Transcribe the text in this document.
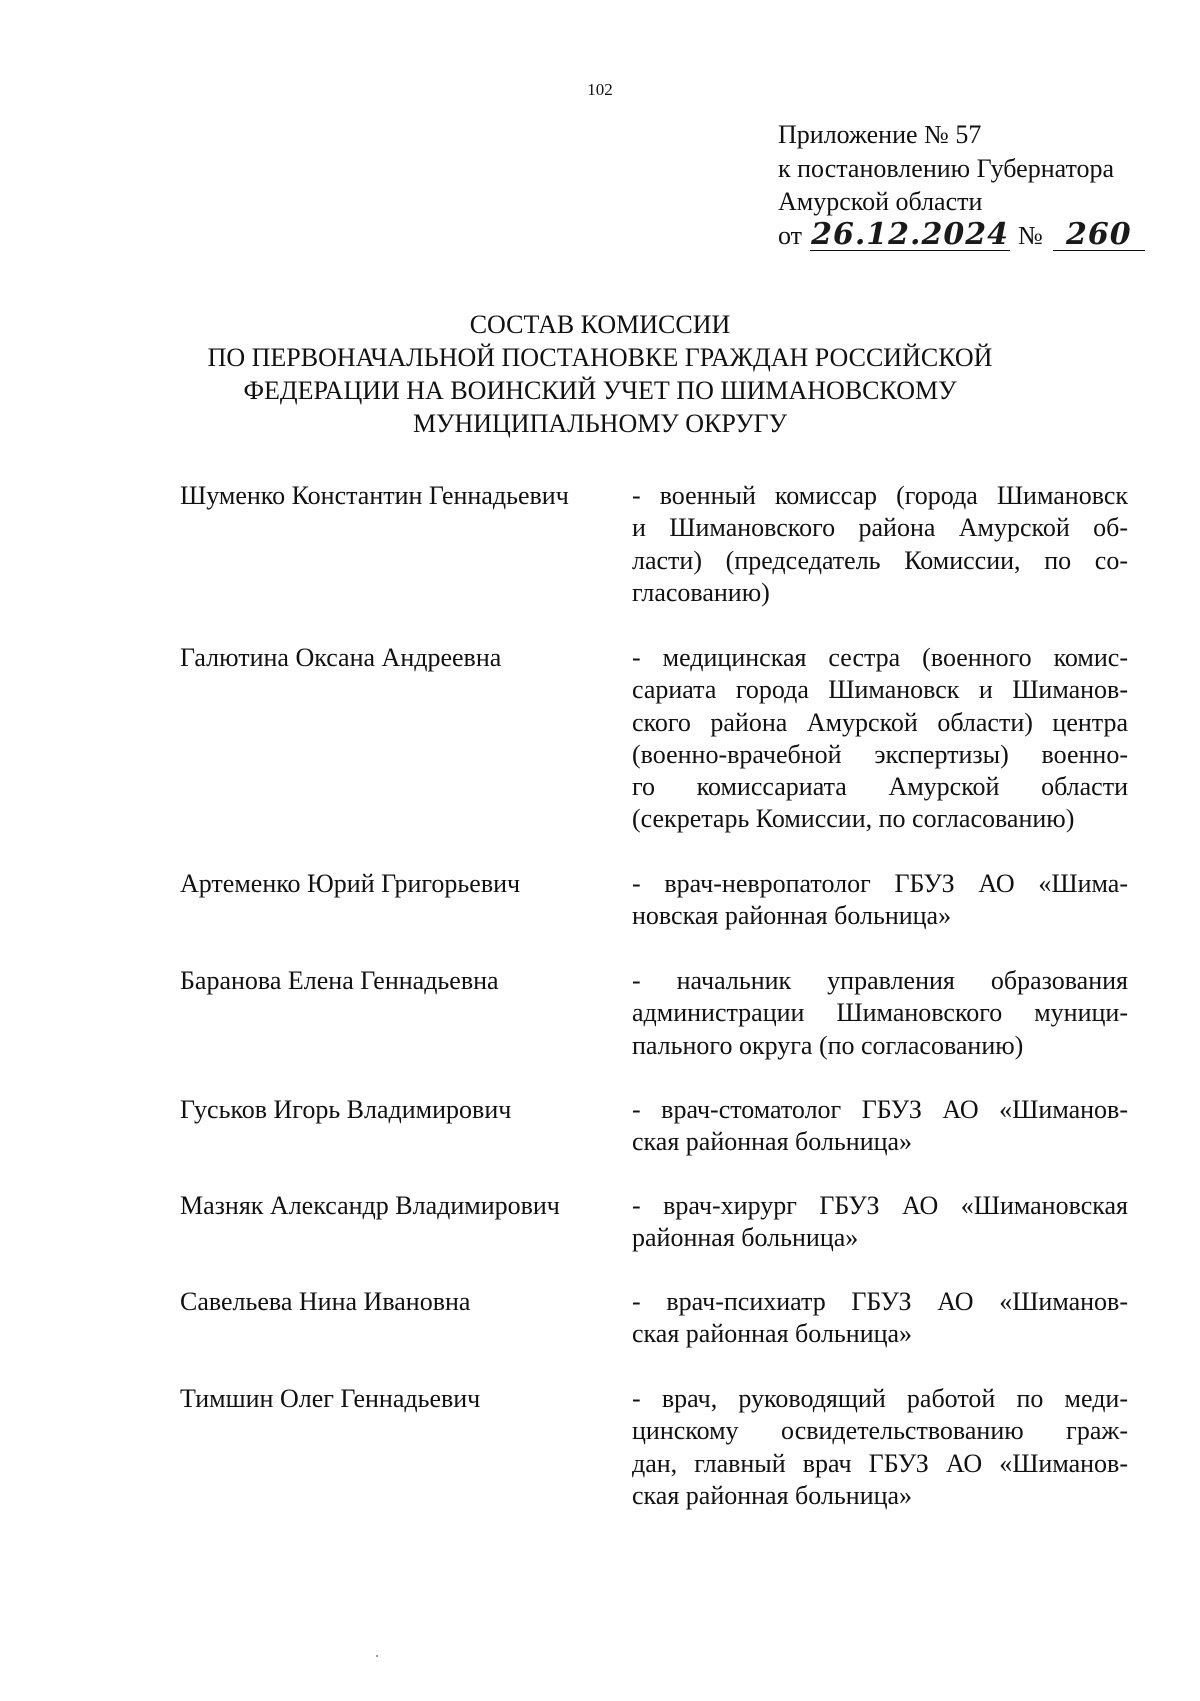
102
Приложение № 57
к постановлению Губернатора
Амурской области
от 26.12.2024 № 260
СОСТАВ КОМИССИИ
ПО ПЕРВОНАЧАЛЬНОЙ ПОСТАНОВКЕ ГРАЖДАН РОССИЙСКОЙ
ФЕДЕРАЦИИ НА ВОИНСКИЙ УЧЕТ ПО ШИМАНОВСКОМУ
МУНИЦИПАЛЬНОМУ ОКРУГУ
Шуменко Константин Геннадьевич	- военный комиссар (города Шимановск
и Шимановского района Амурской об-
ласти) (председатель Комиссии, по со-
гласованию)
Галютина Оксана Андреевна	- медицинская сестра (военного комис-
сариата города Шимановск и Шиманов-
ского района Амурской области) центра
(военно-врачебной экспертизы) военно-
го комиссариата Амурской области
(секретарь Комиссии, по согласованию)
Артеменко Юрий Григорьевич	- врач-невропатолог ГБУЗ АО «Шима-
новская районная больница»
Баранова Елена Геннадьевна	- начальник управления образования
администрации Шимановского муници-
пального округа (по согласованию)
Гуськов Игорь Владимирович	- врач-стоматолог ГБУЗ АО «Шиманов-
ская районная больница»
Мазняк Александр Владимирович	- врач-хирург ГБУЗ АО «Шимановская
районная больница»
Савельева Нина Ивановна	- врач-психиатр ГБУЗ АО «Шиманов-
ская районная больница»
Тимшин Олег Геннадьевич	- врач, руководящий работой по меди-
цинскому освидетельствованию граж-
дан, главный врач ГБУЗ АО «Шиманов-
ская районная больница»
